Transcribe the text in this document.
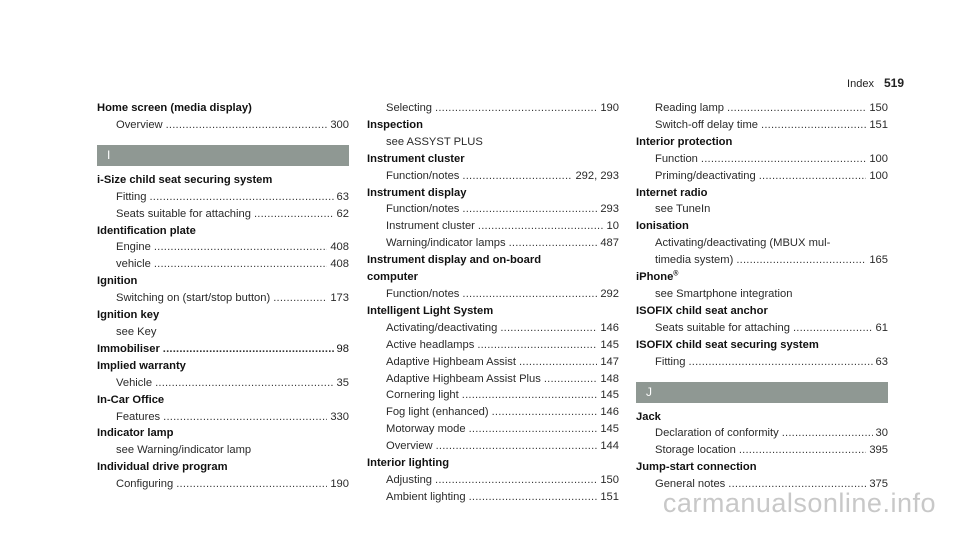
Index 519
Home screen (media display)
Overview .....	300
I
i-Size child seat securing system
Fitting .....	63
Seats suitable for attaching .....	62
Identification plate
Engine .....	408
vehicle .....	408
Ignition
Switching on (start/stop button) .....	173
Ignition key
see Key
Immobiliser .....	98
Implied warranty
Vehicle .....	35
In-Car Office
Features .....	330
Indicator lamp
see Warning/indicator lamp
Individual drive program
Configuring .....	190
Selecting .....	190
Inspection
see ASSYST PLUS
Instrument cluster
Function/notes .....	292, 293
Instrument display
Function/notes .....	293
Instrument cluster .....	10
Warning/indicator lamps .....	487
Instrument display and on-board computer
Function/notes .....	292
Intelligent Light System
Activating/deactivating .....	146
Active headlamps .....	145
Adaptive Highbeam Assist .....	147
Adaptive Highbeam Assist Plus .....	148
Cornering light .....	145
Fog light (enhanced) .....	146
Motorway mode .....	145
Overview .....	144
Interior lighting
Adjusting .....	150
Ambient lighting .....	151
Reading lamp .....	150
Switch-off delay time .....	151
Interior protection
Function .....	100
Priming/deactivating .....	100
Internet radio
see TuneIn
Ionisation
Activating/deactivating (MBUX mul-
timedia system) .....	165
iPhone®
see Smartphone integration
ISOFIX child seat anchor
Seats suitable for attaching .....	61
ISOFIX child seat securing system
Fitting .....	63
J
Jack
Declaration of conformity .....	30
Storage location .....	395
Jump-start connection
General notes .....	375
carmanualsonline.info
